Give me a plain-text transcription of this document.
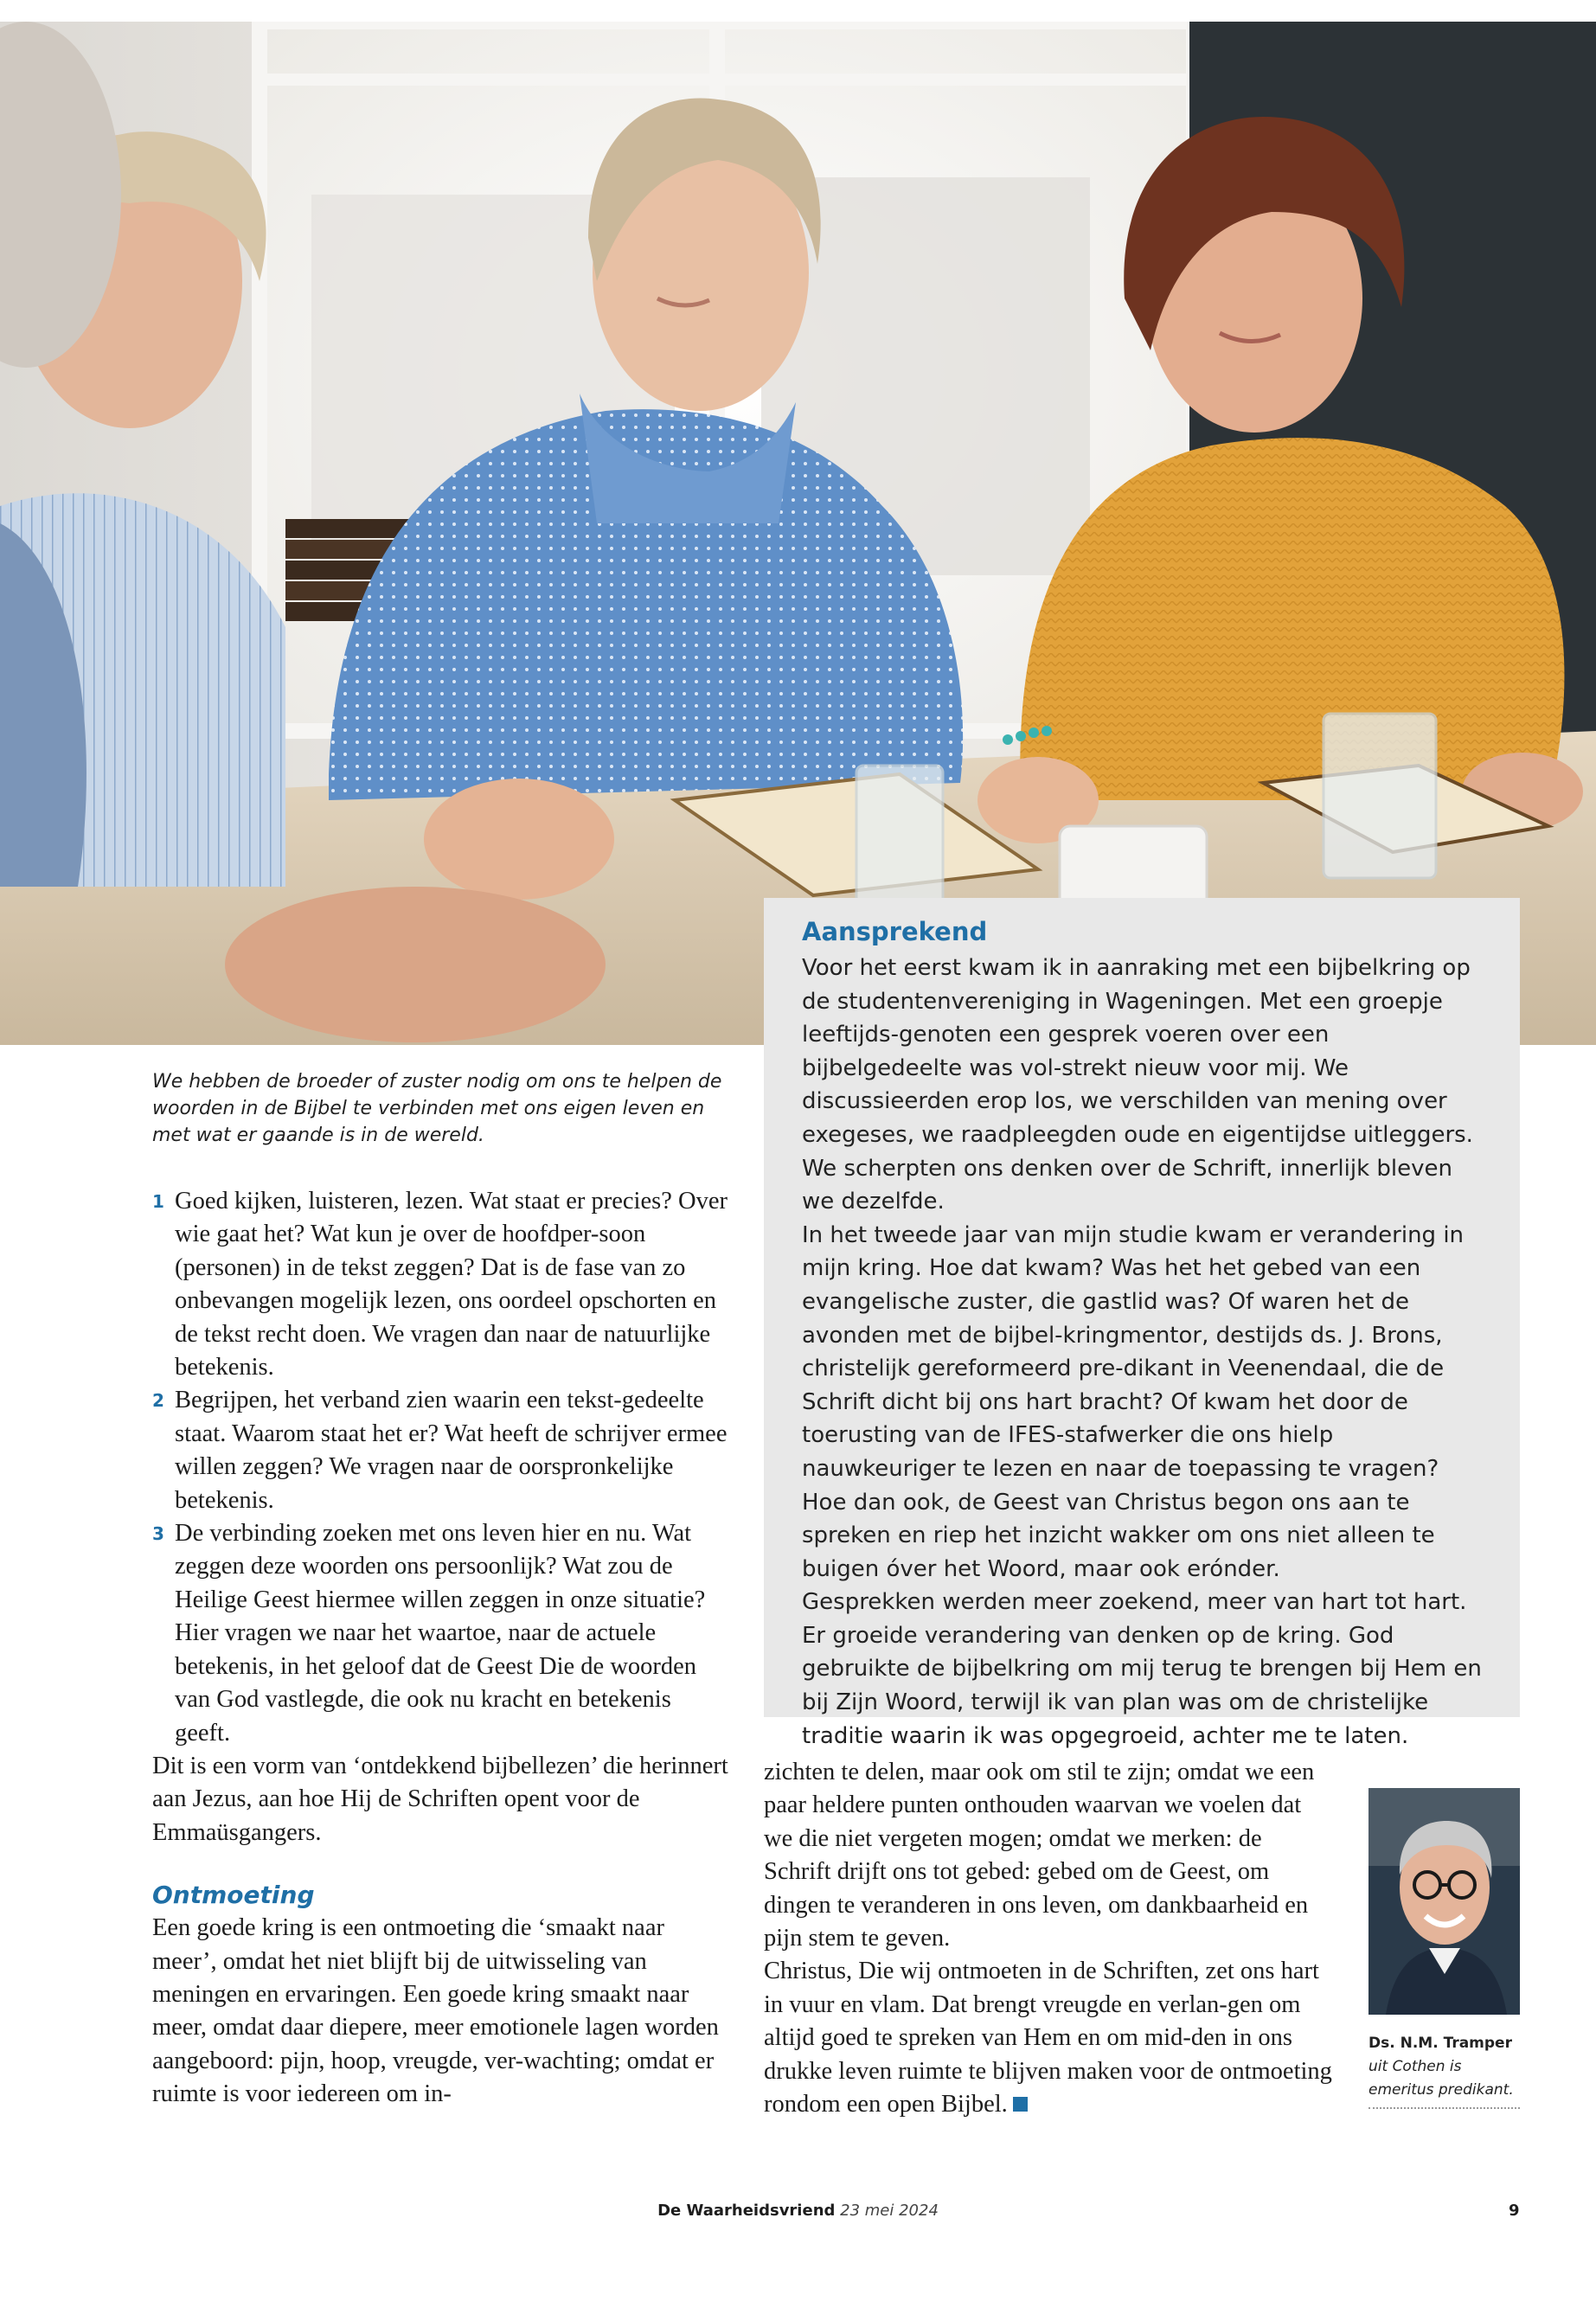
Aansprekend

Voor het eerst kwam ik in aanraking met een bijbelkring op de studentenvereniging in Wageningen. Met een groepje leeftijds-genoten een gesprek voeren over een bijbelgedeelte was vol-strekt nieuw voor mij. We discussieerden erop los, we verschilden van mening over exegeses, we raadpleegden oude en eigentijdse uitleggers. We scherpten ons denken over de Schrift, innerlijk bleven we dezelfde.

In het tweede jaar van mijn studie kwam er verandering in mijn kring. Hoe dat kwam? Was het het gebed van een evangelische zuster, die gastlid was? Of waren het de avonden met de bijbel-kringmentor, destijds ds. J. Brons, christelijk gereformeerd pre-dikant in Veenendaal, die de Schrift dicht bij ons hart bracht? Of kwam het door de toerusting van de IFES-stafwerker die ons hielp nauwkeuriger te lezen en naar de toepassing te vragen? Hoe dan ook, de Geest van Christus begon ons aan te spreken en riep het inzicht wakker om ons niet alleen te buigen óver het Woord, maar ook erónder.

Gesprekken werden meer zoekend, meer van hart tot hart. Er groeide verandering van denken op de kring. God gebruikte de bijbelkring om mij terug te brengen bij Hem en bij Zijn Woord, terwijl ik van plan was om de christelijke traditie waarin ik was opgegroeid, achter me te laten.

We hebben de broeder of zuster nodig om ons te helpen de woorden in de Bijbel te verbinden met ons eigen leven en met wat er gaande is in de wereld.
1 Goed kijken, luisteren, lezen. Wat staat er precies? Over wie gaat het? Wat kun je over de hoofdper-soon (personen) in de tekst zeggen? Dat is de fase van zo onbevangen mogelijk lezen, ons oordeel opschorten en de tekst recht doen. We vragen dan naar de natuurlijke betekenis.

2 Begrijpen, het verband zien waarin een tekst-gedeelte staat. Waarom staat het er? Wat heeft de schrijver ermee willen zeggen? We vragen naar de oorspronkelijke betekenis.

3 De verbinding zoeken met ons leven hier en nu. Wat zeggen deze woorden ons persoonlijk? Wat zou de Heilige Geest hiermee willen zeggen in onze situatie? Hier vragen we naar het waartoe, naar de actuele betekenis, in het geloof dat de Geest Die de woorden van God vastlegde, die ook nu kracht en betekenis geeft.

Dit is een vorm van ‘ontdekkend bijbellezen’ die herinnert aan Jezus, aan hoe Hij de Schriften opent voor de Emmaüsgangers.

Ontmoeting

Een goede kring is een ontmoeting die ‘smaakt naar meer’, omdat het niet blijft bij de uitwisseling van meningen en ervaringen. Een goede kring smaakt naar meer, omdat daar diepere, meer emotionele lagen worden aangeboord: pijn, hoop, vreugde, ver-wachting; omdat er ruimte is voor iedereen om in-

zichten te delen, maar ook om stil te zijn; omdat we een paar heldere punten onthouden waarvan we voelen dat we die niet vergeten mogen; omdat we merken: de Schrift drijft ons tot gebed: gebed om de Geest, om dingen te veranderen in ons leven, om dankbaarheid en pijn stem te geven.

Christus, Die wij ontmoeten in de Schriften, zet ons hart in vuur en vlam. Dat brengt vreugde en verlan-gen om altijd goed te spreken van Hem en om mid-den in ons drukke leven ruimte te blijven maken voor de ontmoeting rondom een open Bijbel.

Ds. N.M. Tramper
uit Cothen is emeritus predikant.
De Waarheidsvriend 23 mei 2024	9
